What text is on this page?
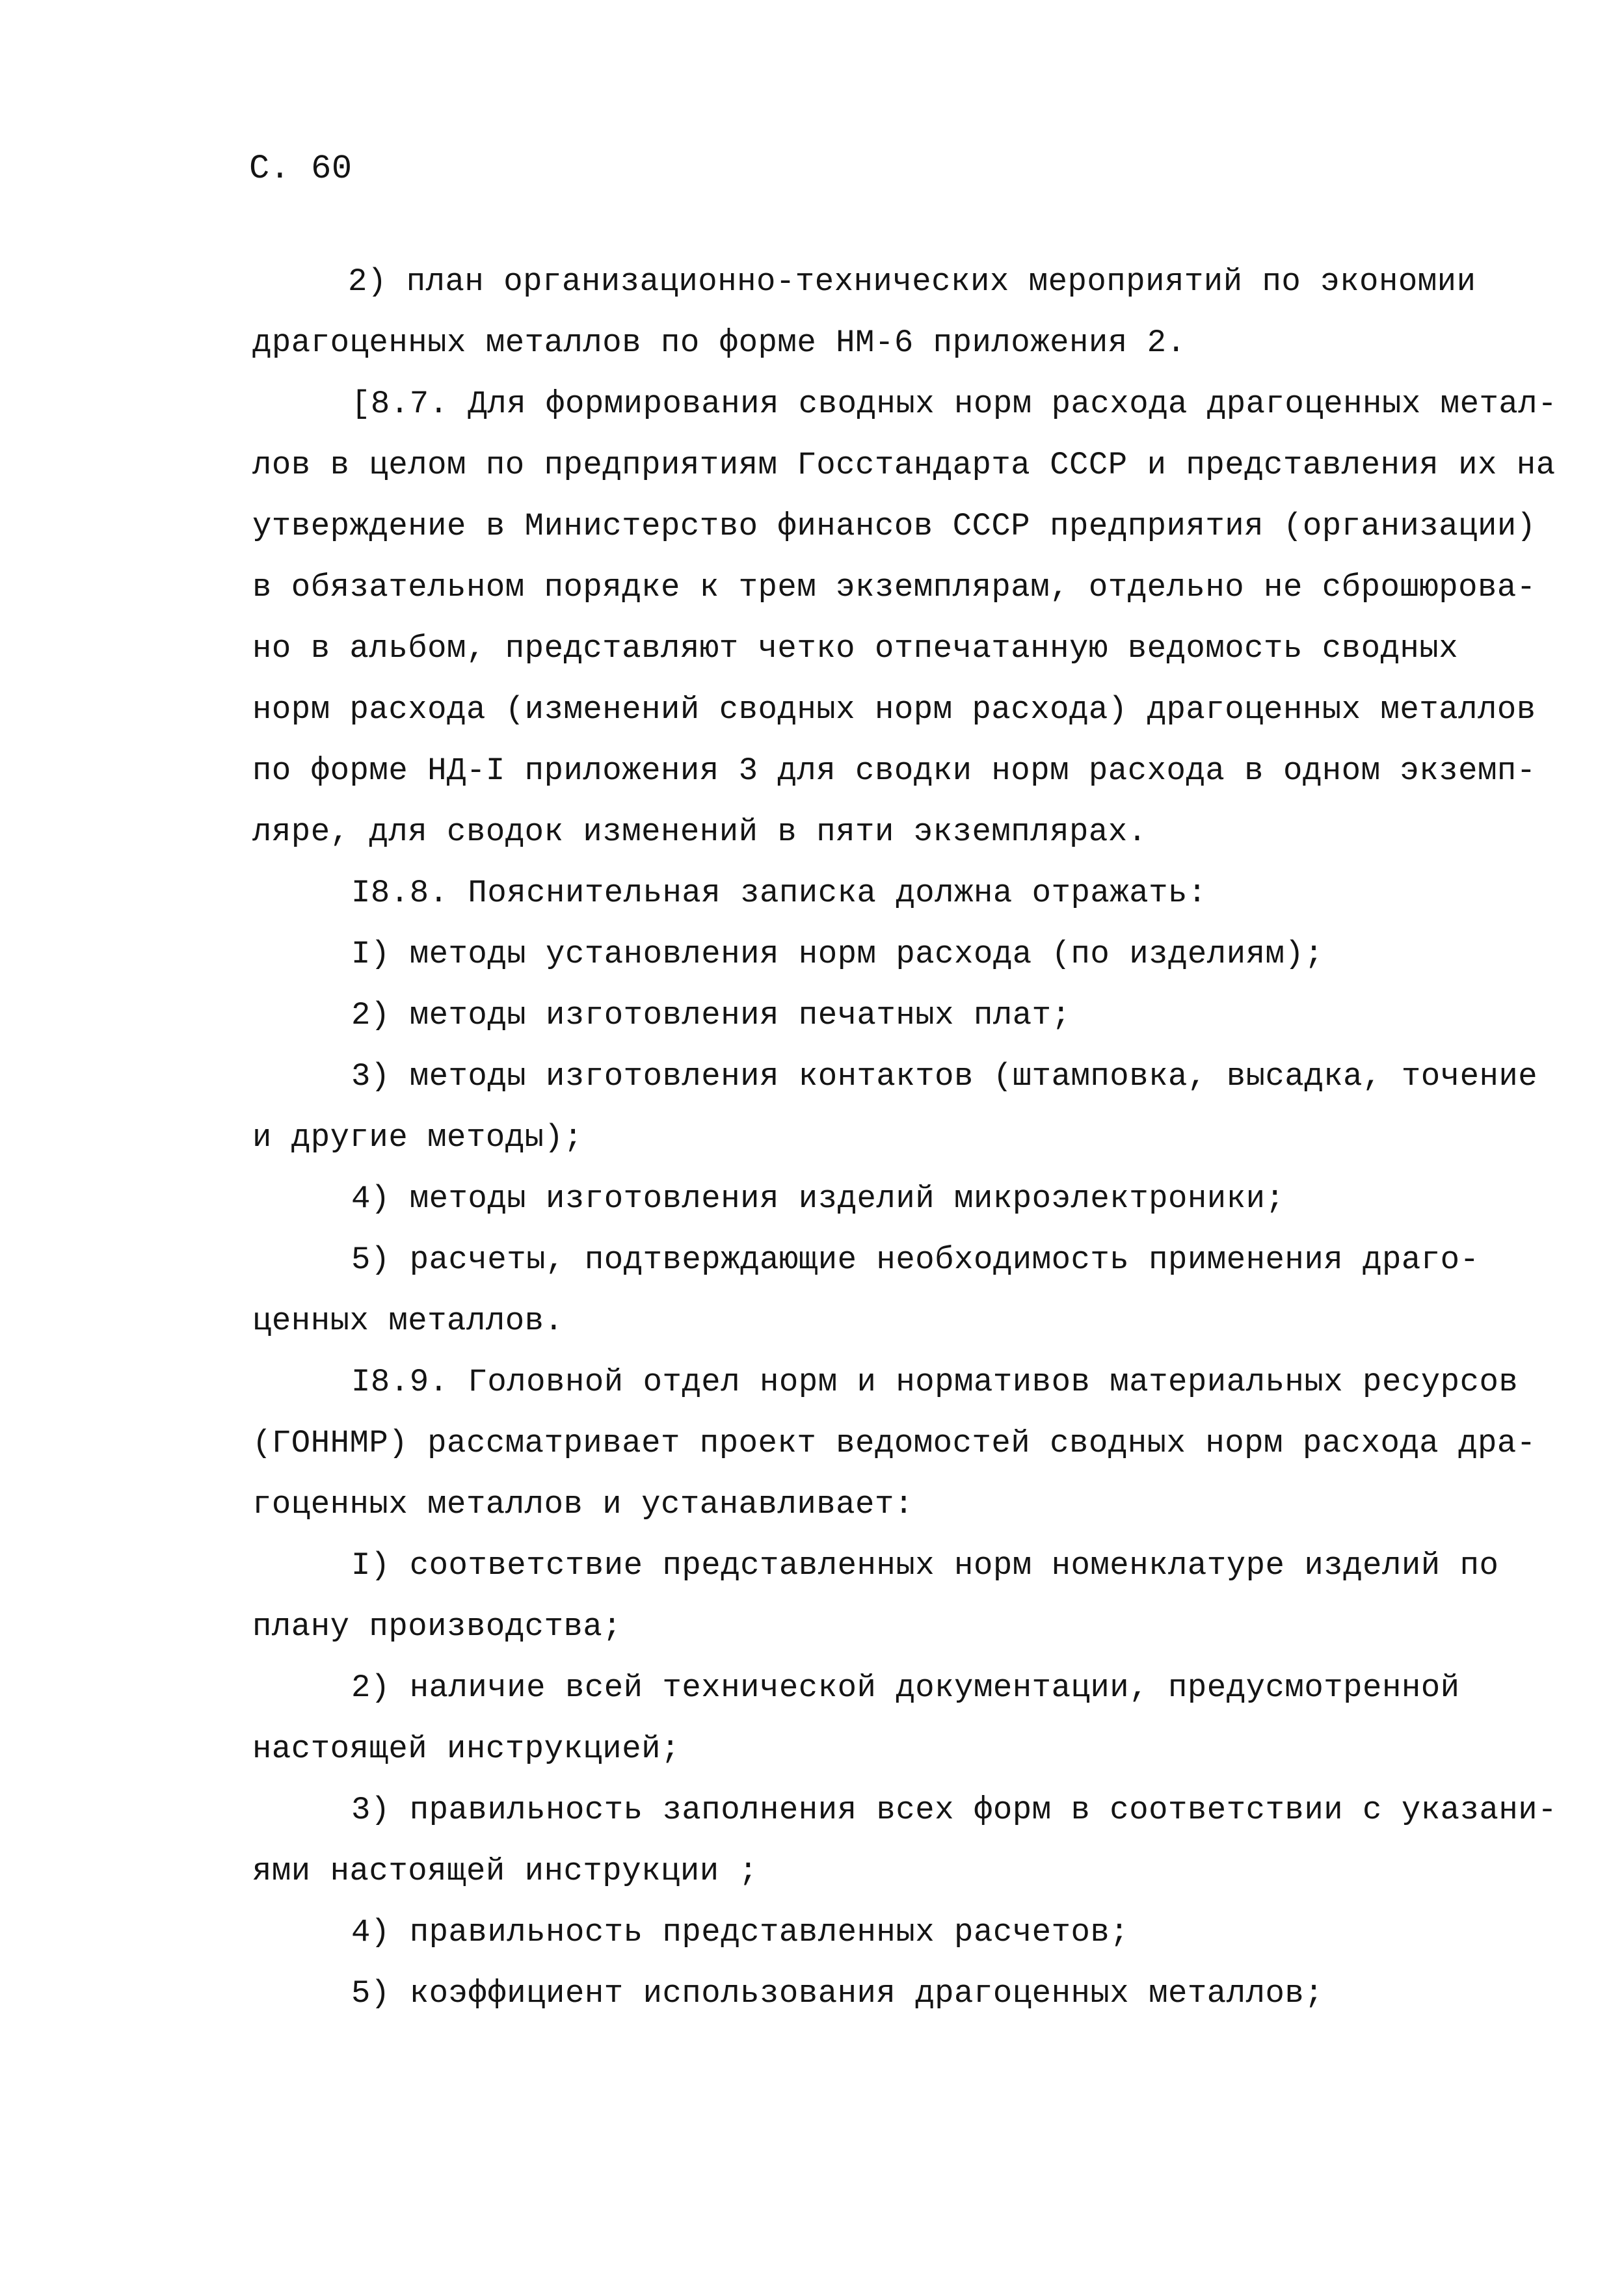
С. 60
2) план организационно-технических мероприятий по экономии
драгоценных металлов по форме НМ-6 приложения 2.
[8.7. Для формирования сводных норм расхода драгоценных метал-
лов в целом по предприятиям Госстандарта СССР и представления их на
утверждение в Министерство финансов СССР предприятия (организации)
в обязательном порядке к трем экземплярам, отдельно не сброшюрова-
но в альбом, представляют четко отпечатанную ведомость сводных
норм расхода (изменений сводных норм расхода) драгоценных металлов
по форме НД-I приложения 3 для сводки норм расхода в одном экземп-
ляре, для сводок изменений в пяти экземплярах.
I8.8. Пояснительная записка должна отражать:
I) методы установления норм расхода (по изделиям);
2) методы изготовления печатных плат;
3) методы изготовления контактов (штамповка, высадка, точение
и другие методы);
4) методы изготовления изделий микроэлектроники;
5) расчеты, подтверждающие необходимость применения драго-
ценных металлов.
I8.9. Головной отдел норм и нормативов материальных ресурсов
(ГОННМР) рассматривает проект ведомостей сводных норм расхода дра-
гоценных металлов и устанавливает:
I) соответствие представленных норм номенклатуре изделий по
плану производства;
2) наличие всей технической документации, предусмотренной
настоящей инструкцией;
3) правильность заполнения всех форм в соответствии с указани-
ями настоящей инструкции ;
4) правильность представленных расчетов;
5) коэффициент использования драгоценных металлов;
